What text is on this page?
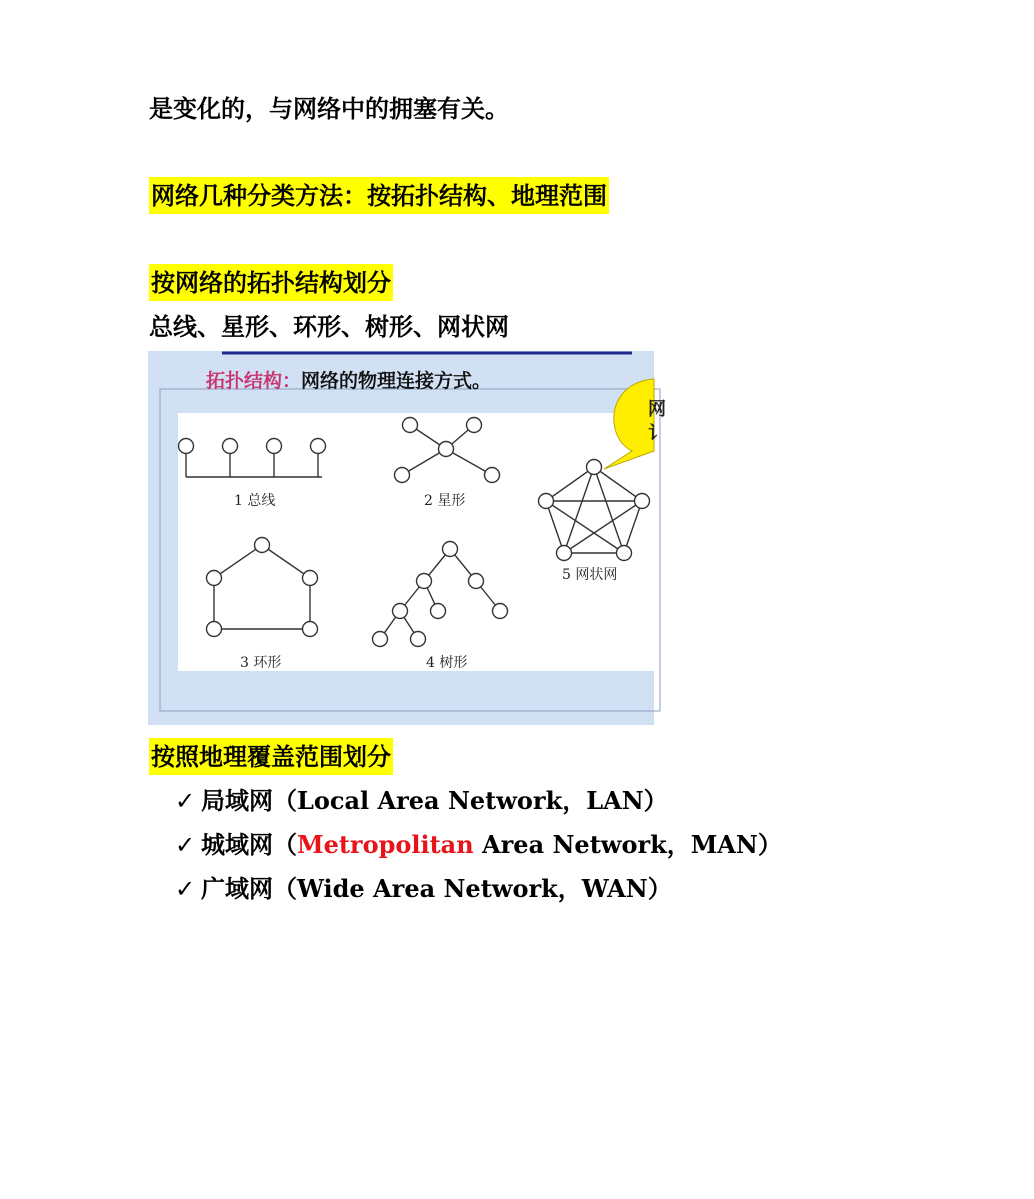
是变化的，与网络中的拥塞有关。
网络几种分类方法：按拓扑结构、地理范围
按网络的拓扑结构划分
总线、星形、环形、树形、网状网
拓扑结构：网络的物理连接方式。
网
讠
1 总线	2 星形
3 环形	4 树形
5 网状网
按照地理覆盖范围划分
✓ 局域网（Local Area Network，LAN）
✓ 城域网（Metropolitan Area Network，MAN）
✓ 广域网（Wide Area Network，WAN）
